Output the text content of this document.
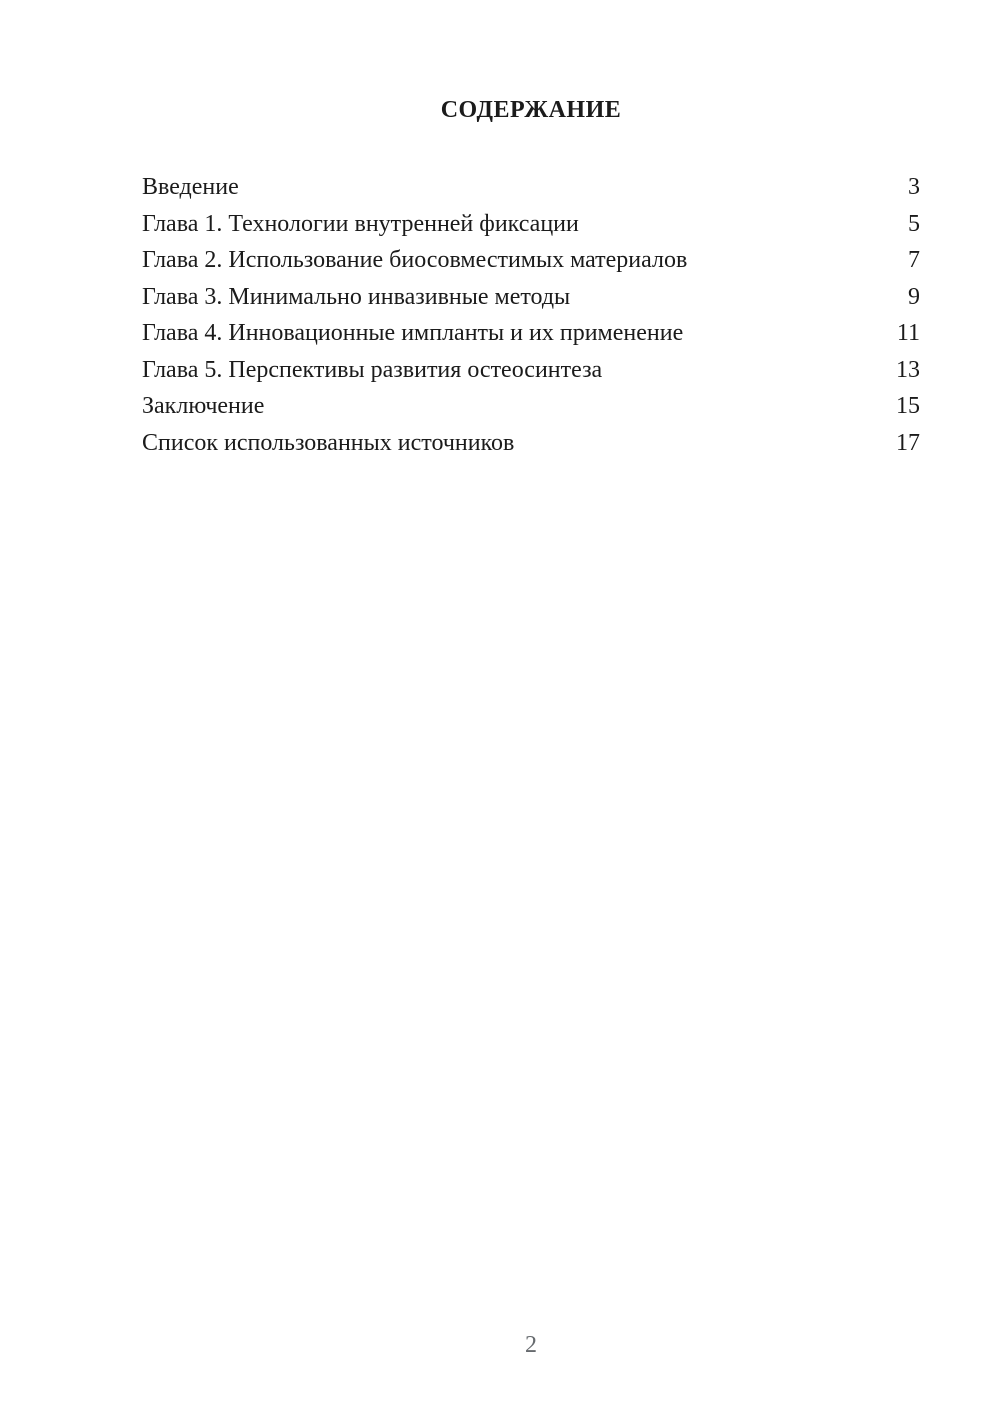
СОДЕРЖАНИЕ
Введение	3
Глава 1. Технологии внутренней фиксации	5
Глава 2. Использование биосовместимых материалов	7
Глава 3. Минимально инвазивные методы	9
Глава 4. Инновационные импланты и их применение	11
Глава 5. Перспективы развития остеосинтеза	13
Заключение	15
Список использованных источников	17
2
